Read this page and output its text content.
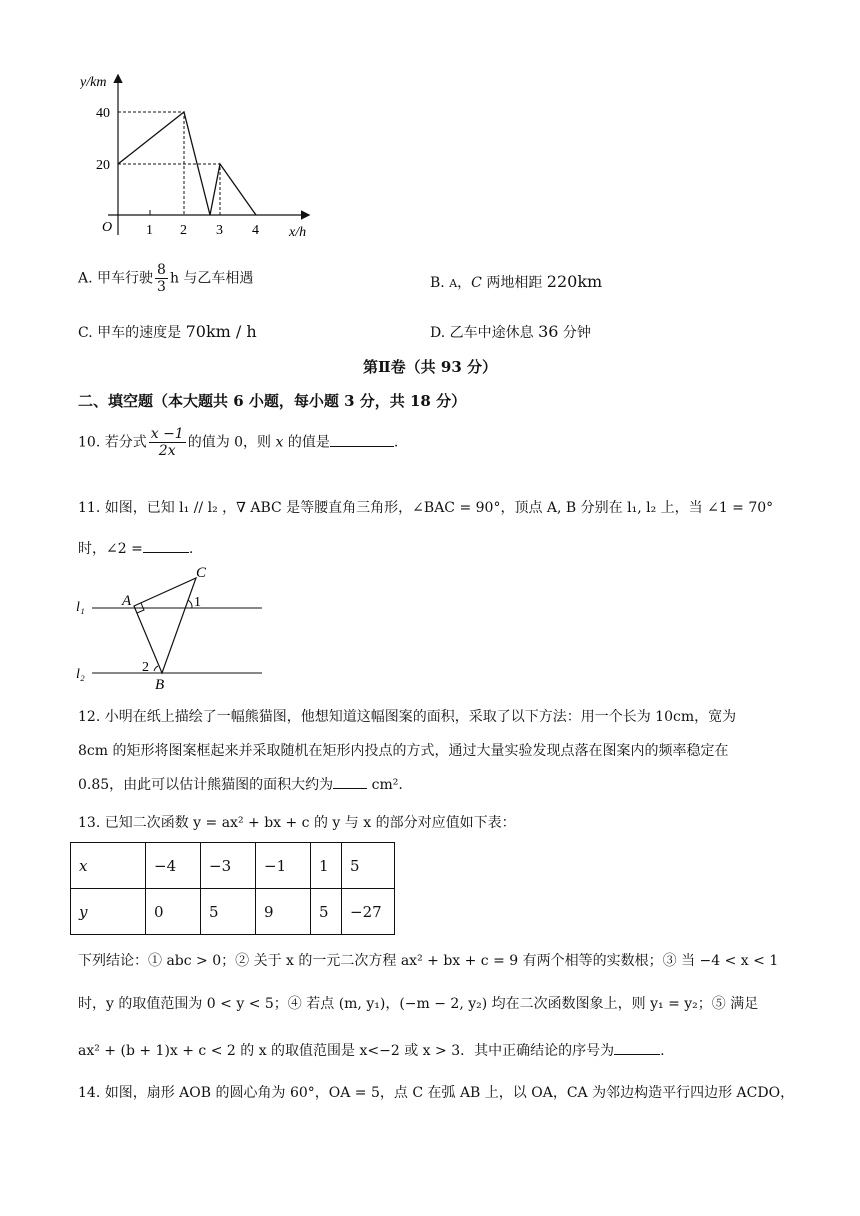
y/km
40
20
O 1 2 3 4 x/h
A. 甲车行驶 $\frac{8}{3}$ h 与乙车相遇	B. A，C 两地相距 220km
C. 甲车的速度是 70km / h	D. 乙车中途休息 36 分钟
第Ⅱ卷（共 93 分）
二、填空题（本大题共 6 小题，每小题 3 分，共 18 分）
10. 若分式 $\frac{x -1}{2x}$ 的值为 0，则 x 的值是	.
11. 如图，已知 l₁ // l₂ ，∇ ABC 是等腰直角三角形，∠BAC = 90°，顶点 A, B 分别在 l₁, l₂ 上，当 ∠1 = 70°
时，∠2 =	.
C
A	1
l₁
l₂	2
B
12. 小明在纸上描绘了一幅熊猫图，他想知道这幅图案的面积，采取了以下方法：用一个长为 10cm，宽为
8cm 的矩形将图案框起来并采取随机在矩形内投点的方式，通过大量实验发现点落在图案内的频率稳定在
0.85，由此可以估计熊猫图的面积大约为	cm².
13. 已知二次函数 y = ax² + bx + c 的 y 与 x 的部分对应值如下表：
x	−4	−3	−1	1	5
y	0	5	9	5	−27
下列结论：① abc > 0；② 关于 x 的一元二次方程 ax² + bx + c = 9 有两个相等的实数根；③ 当 −4 < x < 1
时，y 的取值范围为 0 < y < 5；④ 若点 (m, y₁)，(−m − 2, y₂) 均在二次函数图象上，则 y₁ = y₂；⑤ 满足
ax² + (b + 1)x + c < 2 的 x 的取值范围是 x<−2 或 x > 3．其中正确结论的序号为	.
14. 如图，扇形 AOB 的圆心角为 60°，OA = 5，点 C 在弧 AB 上，以 OA，CA 为邻边构造平行四边形 ACDO，
